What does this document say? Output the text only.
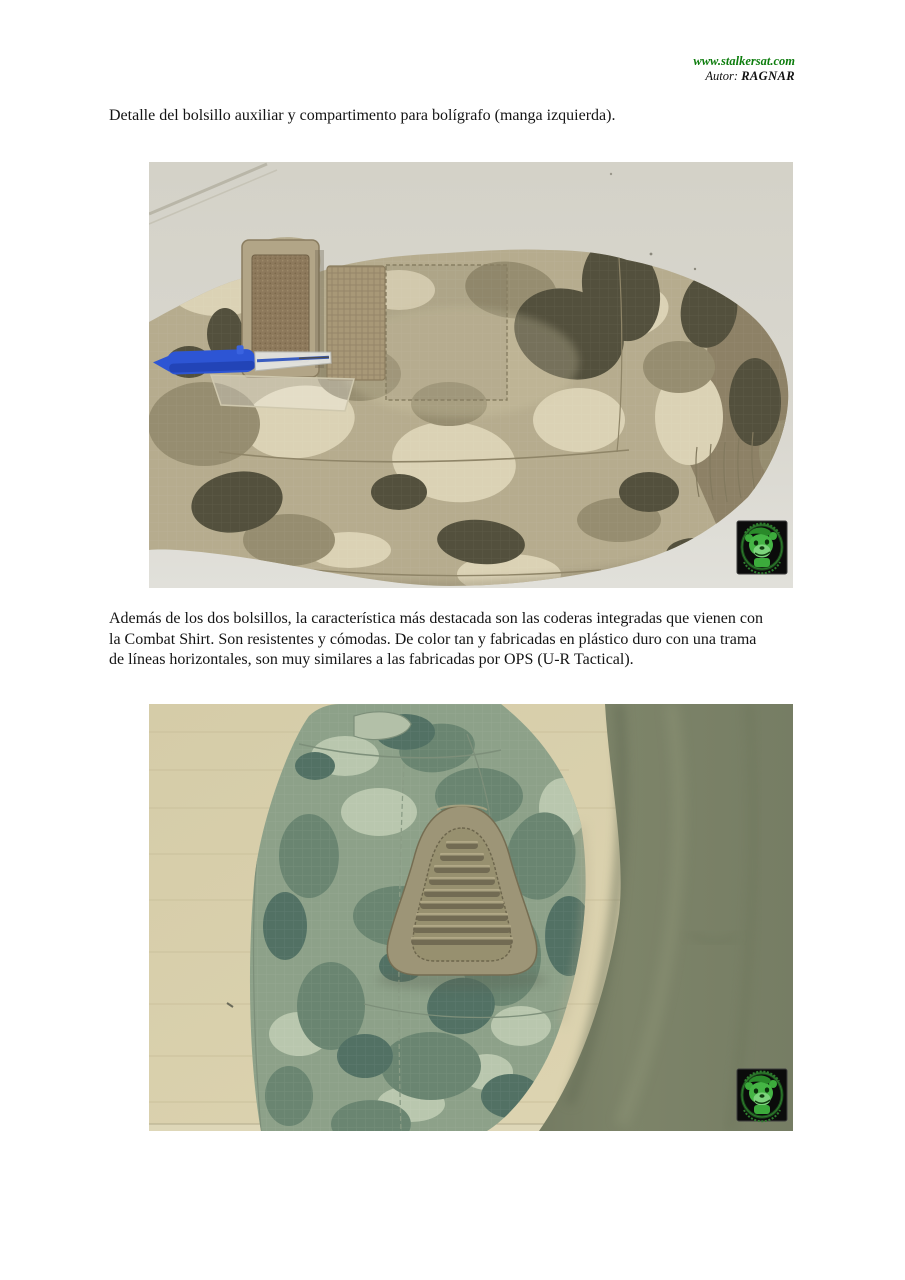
www.stalkersat.com
Autor: RAGNAR
Detalle del bolsillo auxiliar y compartimento para bolígrafo (manga izquierda).
Además de los dos bolsillos, la característica más destacada son las coderas integradas que vienen con
la Combat Shirt. Son resistentes y cómodas. De color tan y fabricadas en plástico duro con una trama
de líneas horizontales, son muy similares a las fabricadas por OPS (U-R Tactical).
